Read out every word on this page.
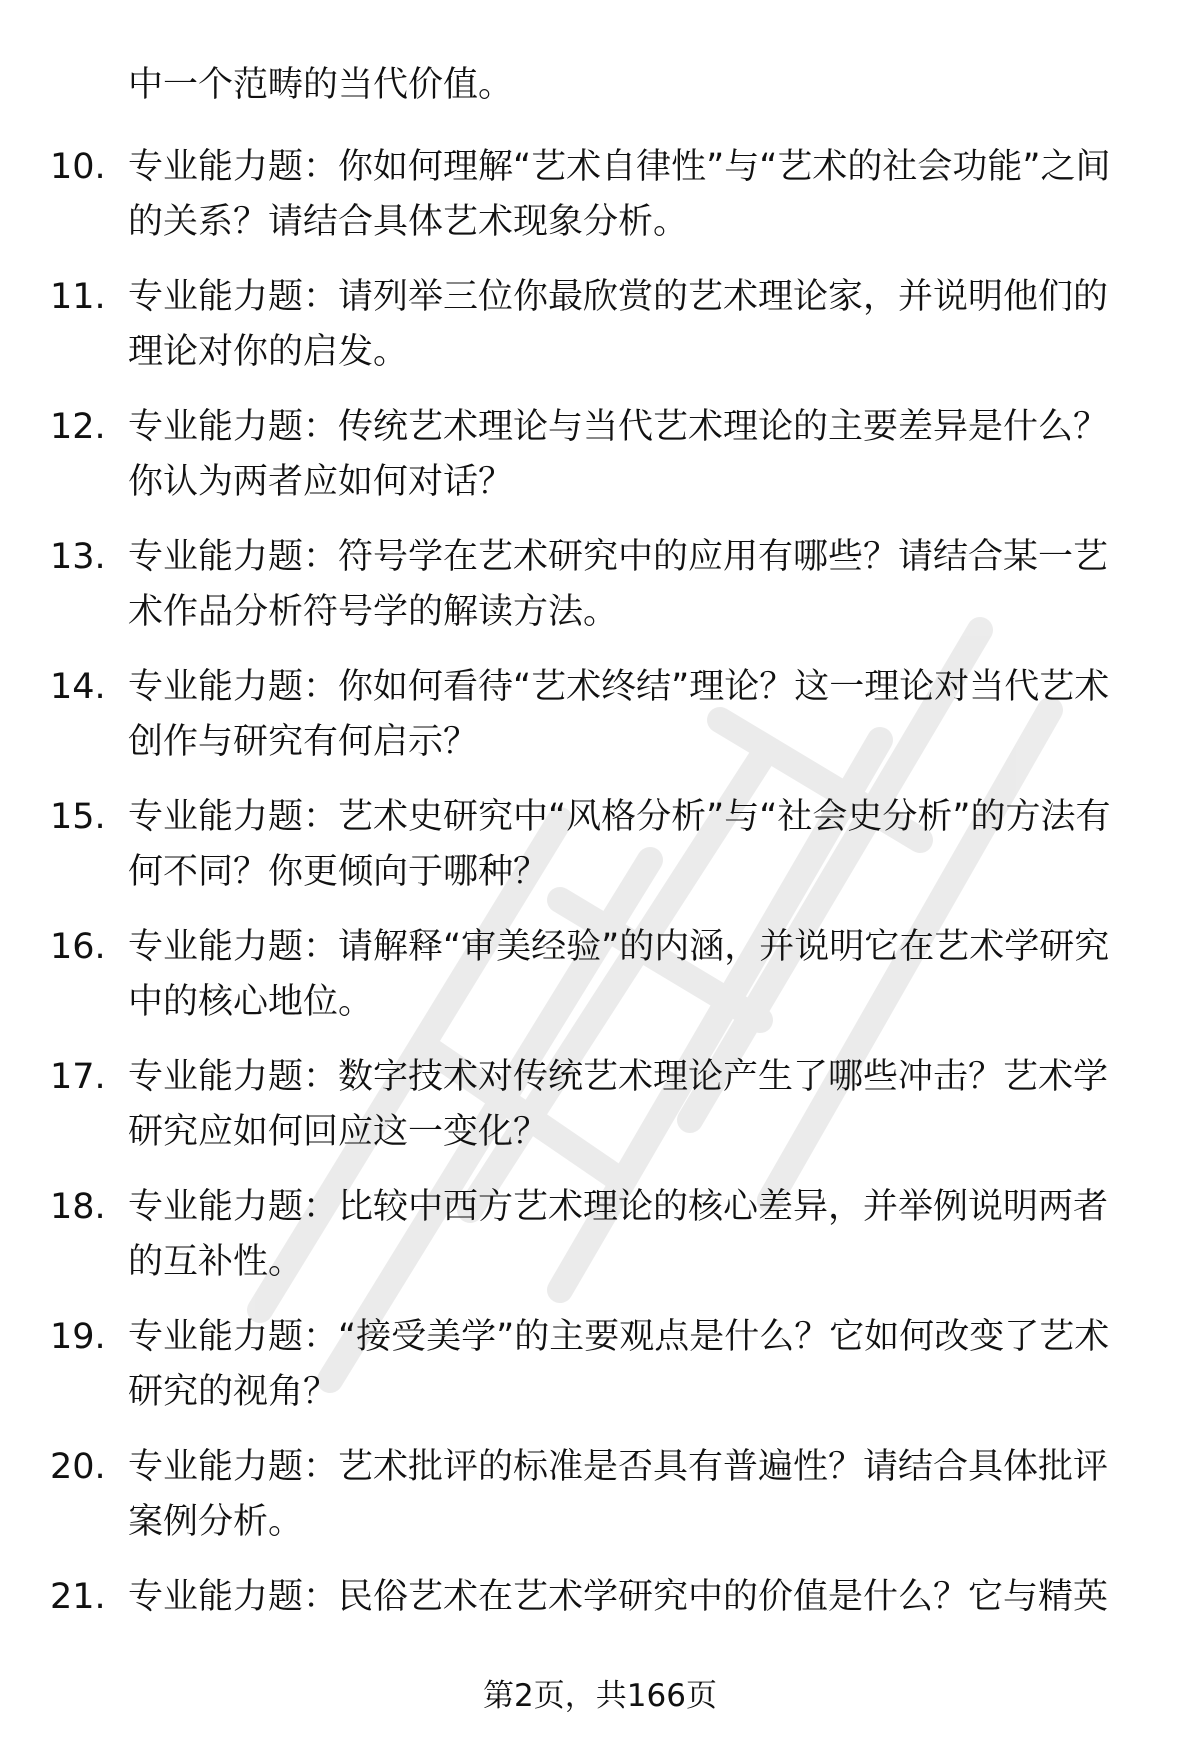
中一个范畴的当代价值。

10. 专业能力题：你如何理解“艺术自律性”与“艺术的社会功能”之间的关系？请结合具体艺术现象分析。
11. 专业能力题：请列举三位你最欣赏的艺术理论家，并说明他们的理论对你的启发。
12. 专业能力题：传统艺术理论与当代艺术理论的主要差异是什么？你认为两者应如何对话？
13. 专业能力题：符号学在艺术研究中的应用有哪些？请结合某一艺术作品分析符号学的解读方法。
14. 专业能力题：你如何看待“艺术终结”理论？这一理论对当代艺术创作与研究有何启示？
15. 专业能力题：艺术史研究中“风格分析”与“社会史分析”的方法有何不同？你更倾向于哪种？
16. 专业能力题：请解释“审美经验”的内涵，并说明它在艺术学研究中的核心地位。
17. 专业能力题：数字技术对传统艺术理论产生了哪些冲击？艺术学研究应如何回应这一变化？
18. 专业能力题：比较中西方艺术理论的核心差异，并举例说明两者的互补性。
19. 专业能力题：“接受美学”的主要观点是什么？它如何改变了艺术研究的视角？
20. 专业能力题：艺术批评的标准是否具有普遍性？请结合具体批评案例分析。
21. 专业能力题：民俗艺术在艺术学研究中的价值是什么？它与精英
第2页，共166页
